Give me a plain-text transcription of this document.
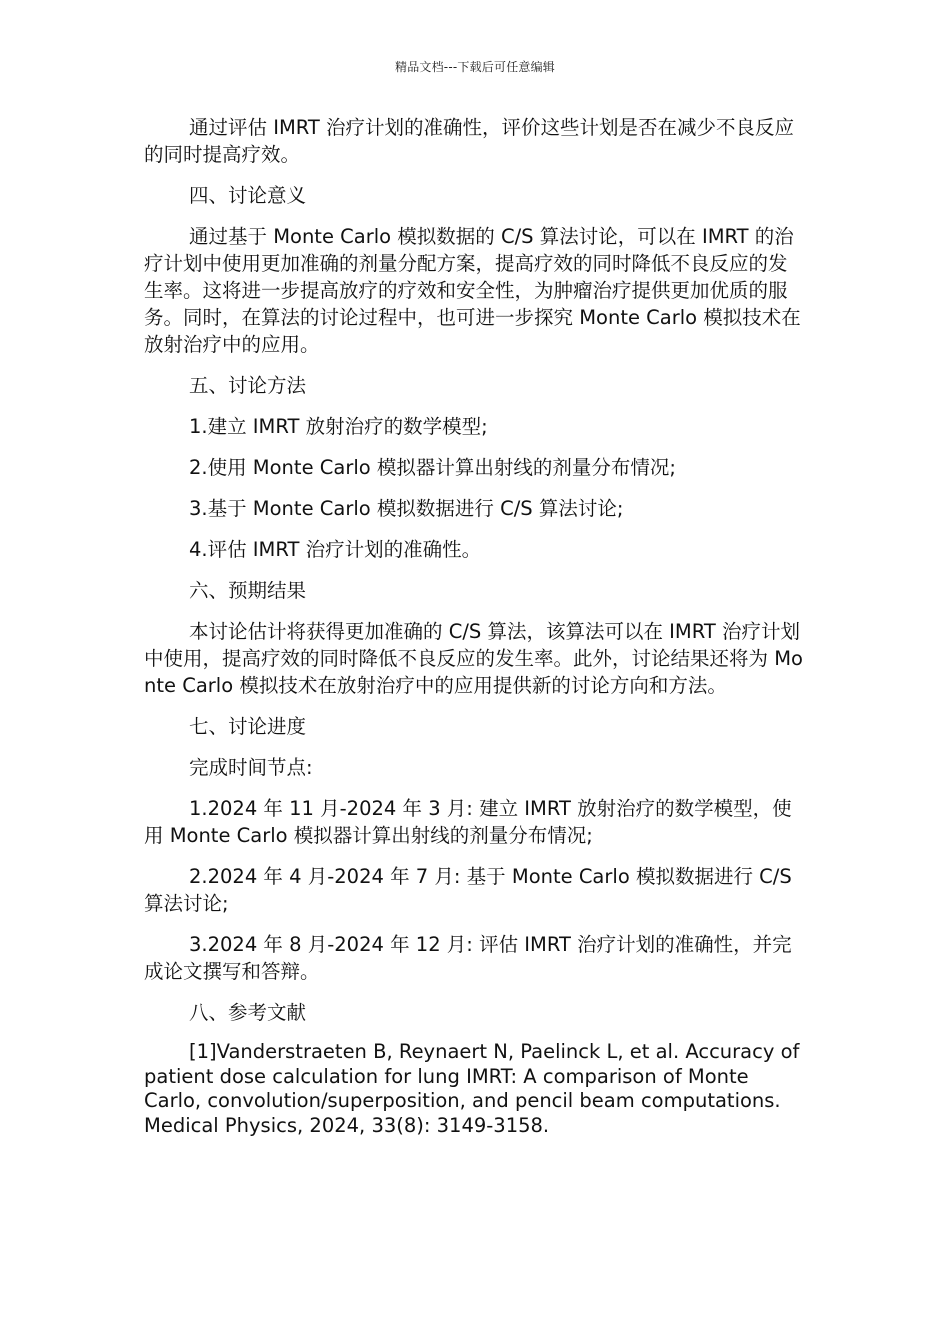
精品文档---下载后可任意编辑

通过评估 IMRT 治疗计划的准确性，评价这些计划是否在减少不良反应的同时提高疗效。

四、讨论意义

通过基于 Monte Carlo 模拟数据的 C/S 算法讨论，可以在 IMRT 的治疗计划中使用更加准确的剂量分配方案，提高疗效的同时降低不良反应的发生率。这将进一步提高放疗的疗效和安全性，为肿瘤治疗提供更加优质的服务。同时，在算法的讨论过程中，也可进一步探究 Monte Carlo 模拟技术在放射治疗中的应用。

五、讨论方法

1.建立 IMRT 放射治疗的数学模型;

2.使用 Monte Carlo 模拟器计算出射线的剂量分布情况;

3.基于 Monte Carlo 模拟数据进行 C/S 算法讨论;

4.评估 IMRT 治疗计划的准确性。

六、预期结果

本讨论估计将获得更加准确的 C/S 算法，该算法可以在 IMRT 治疗计划中使用，提高疗效的同时降低不良反应的发生率。此外，讨论结果还将为 Monte Carlo 模拟技术在放射治疗中的应用提供新的讨论方向和方法。

七、讨论进度

完成时间节点:

1.2024 年 11 月-2024 年 3 月: 建立 IMRT 放射治疗的数学模型，使用 Monte Carlo 模拟器计算出射线的剂量分布情况;

2.2024 年 4 月-2024 年 7 月: 基于 Monte Carlo 模拟数据进行 C/S 算法讨论;

3.2024 年 8 月-2024 年 12 月: 评估 IMRT 治疗计划的准确性，并完成论文撰写和答辩。

八、参考文献

[1]Vanderstraeten B, Reynaert N, Paelinck L, et al. Accuracy of patient dose calculation for lung IMRT: A comparison of Monte Carlo, convolution/superposition, and pencil beam computations. Medical Physics, 2024, 33(8): 3149-3158.
